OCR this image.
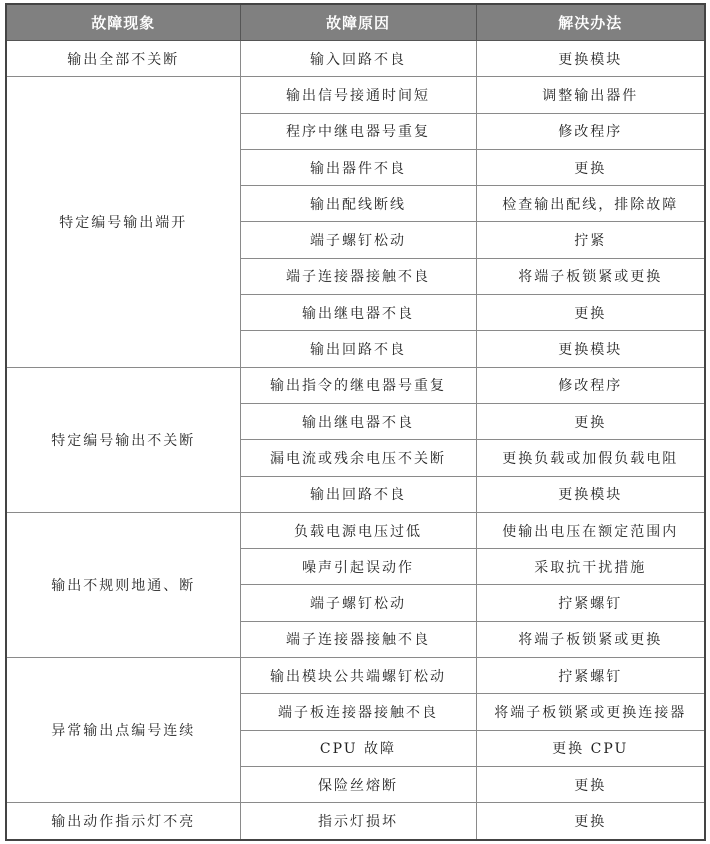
故障现象	故障原因	解决办法
输出全部不关断	输入回路不良	更换模块
特定编号输出端开	输出信号接通时间短	调整输出器件
	程序中继电器号重复	修改程序
	输出器件不良	更换
	输出配线断线	检查输出配线，排除故障
	端子螺钉松动	拧紧
	端子连接器接触不良	将端子板锁紧或更换
	输出继电器不良	更换
	输出回路不良	更换模块
特定编号输出不关断	输出指令的继电器号重复	修改程序
	输出继电器不良	更换
	漏电流或残余电压不关断	更换负载或加假负载电阻
	输出回路不良	更换模块
输出不规则地通、断	负载电源电压过低	使输出电压在额定范围内
	噪声引起误动作	采取抗干扰措施
	端子螺钉松动	拧紧螺钉
	端子连接器接触不良	将端子板锁紧或更换
异常输出点编号连续	输出模块公共端螺钉松动	拧紧螺钉
	端子板连接器接触不良	将端子板锁紧或更换连接器
	CPU 故障	更换 CPU
	保险丝熔断	更换
输出动作指示灯不亮	指示灯损坏	更换
